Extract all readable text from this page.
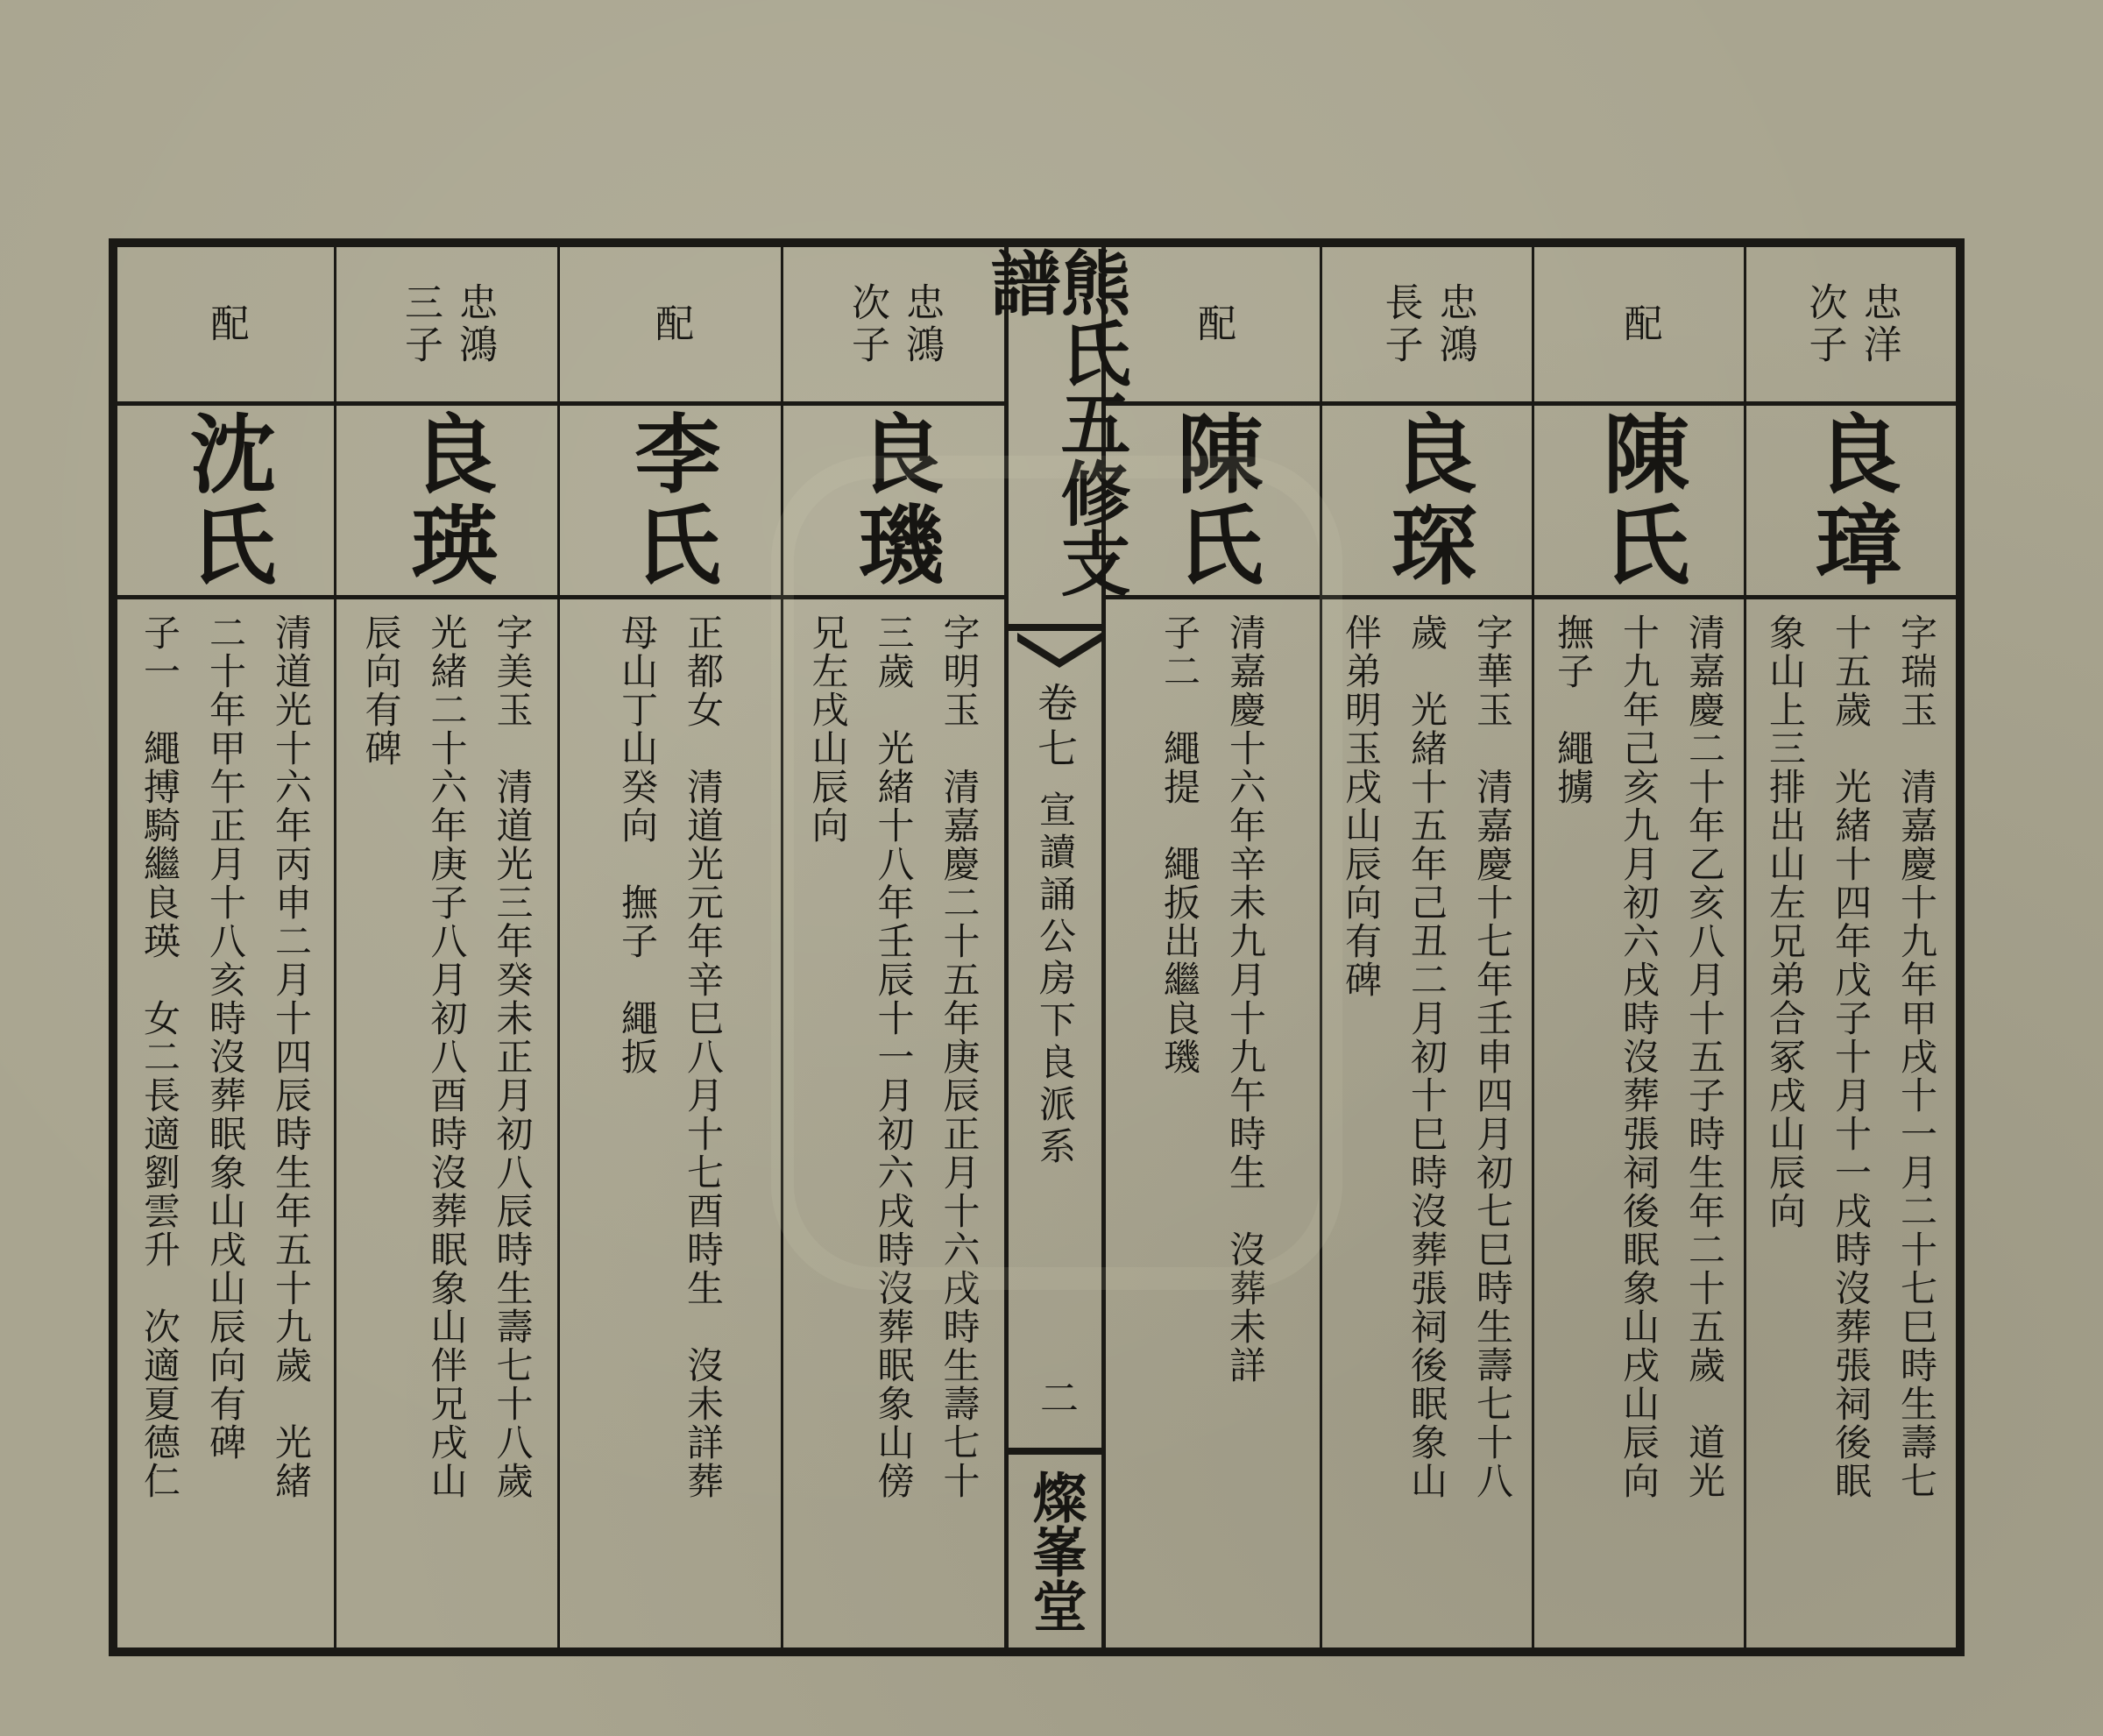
次子 忠鴻
良璣
字明玉　清嘉慶二十五年庚辰正月十六戌時生壽七十
三歲　光緒十八年壬辰十一月初六戌時沒葬眠象山傍
兄左戌山辰向
配
李氏
正都女　清道光元年辛巳八月十七酉時生　沒未詳葬
母山丁山癸向　撫子　繩扳
三子 忠鴻
良瑛
字美玉　清道光三年癸未正月初八辰時生壽七十八歲
光緒二十六年庚子八月初八酉時沒葬眠象山伴兄戌山
辰向有碑
配
沈氏
清道光十六年丙申二月十四辰時生年五十九歲　光緒
二十年甲午正月十八亥時沒葬眠象山戌山辰向有碑
子一　繩搏騎繼良瑛　女二長適劉雲升　次適夏德仁
熊氏五修支譜
卷七
宣讀誦公房下良派系
二
燦峯堂
次子 忠洋
良璋
字瑞玉　清嘉慶十九年甲戌十一月二十七巳時生壽七
十五歲　光緒十四年戊子十月十一戌時沒葬張祠後眠
象山上三排出山左兄弟合冢戌山辰向
配
陳氏
清嘉慶二十年乙亥八月十五子時生年二十五歲　道光
十九年己亥九月初六戌時沒葬張祠後眠象山戌山辰向
撫子　繩擄
長子 忠鴻
良琛
字華玉　清嘉慶十七年壬申四月初七巳時生壽七十八
歲　光緒十五年己丑二月初十巳時沒葬張祠後眠象山
伴弟明玉戌山辰向有碑
配
陳氏
清嘉慶十六年辛未九月十九午時生　沒葬未詳
子二　繩提　繩扳出繼良璣
